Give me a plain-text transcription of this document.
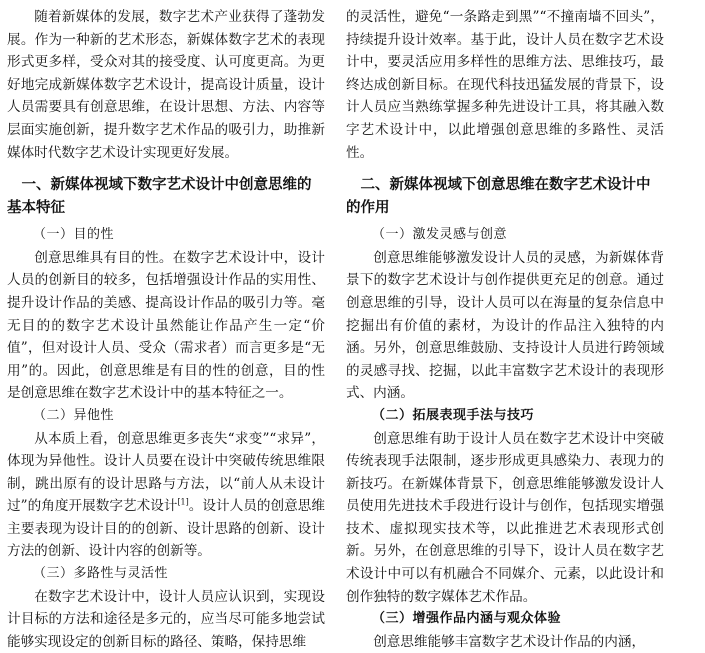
随着新媒体的发展，数字艺术产业获得了蓬勃发展。作为一种新的艺术形态，新媒体数字艺术的表现形式更多样，受众对其的接受度、认可度更高。为更好地完成新媒体数字艺术设计，提高设计质量，设计人员需要具有创意思维，在设计思想、方法、内容等层面实施创新，提升数字艺术作品的吸引力，助推新媒体时代数字艺术设计实现更好发展。

一、新媒体视域下数字艺术设计中创意思维的基本特征
（一）目的性

创意思维具有目的性。在数字艺术设计中，设计人员的创新目的较多，包括增强设计作品的实用性、提升设计作品的美感、提高设计作品的吸引力等。毫无目的的数字艺术设计虽然能让作品产生一定“价值”，但对设计人员、受众（需求者）而言更多是“无用”的。因此，创意思维是有目的性的创意，目的性是创意思维在数字艺术设计中的基本特征之一。

（二）异他性

从本质上看，创意思维更多丧失“求变”“求异”，体现为异他性。设计人员要在设计中突破传统思维限制，跳出原有的设计思路与方法，以“前人从未设计过”的角度开展数字艺术设计[1]。设计人员的创意思维主要表现为设计目的的创新、设计思路的创新、设计方法的创新、设计内容的创新等。

（三）多路性与灵活性

在数字艺术设计中，设计人员应认识到，实现设计目标的方法和途径是多元的，应当尽可能多地尝试能够实现设定的创新目标的路径、策略，保持思维

的灵活性，避免“一条路走到黑”“不撞南墙不回头”，持续提升设计效率。基于此，设计人员在数字艺术设计中，要灵活应用多样性的思维方法、思维技巧，最终达成创新目标。在现代科技迅猛发展的背景下，设计人员应当熟练掌握多种先进设计工具，将其融入数字艺术设计中，以此增强创意思维的多路性、灵活性。

二、新媒体视域下创意思维在数字艺术设计中的作用
（一）激发灵感与创意

创意思维能够激发设计人员的灵感，为新媒体背景下的数字艺术设计与创作提供更充足的创意。通过创意思维的引导，设计人员可以在海量的复杂信息中挖掘出有价值的素材，为设计的作品注入独特的内涵。另外，创意思维鼓励、支持设计人员进行跨领域的灵感寻找、挖掘，以此丰富数字艺术设计的表现形式、内涵。

（二）拓展表现手法与技巧

创意思维有助于设计人员在数字艺术设计中突破传统表现手法限制，逐步形成更具感染力、表现力的新技巧。在新媒体背景下，创意思维能够激发设计人员使用先进技术手段进行设计与创作，包括现实增强技术、虚拟现实技术等，以此推进艺术表现形式创新。另外，在创意思维的引导下，设计人员在数字艺术设计中可以有机融合不同媒介、元素，以此设计和创作独特的数字媒体艺术作品。

（三）增强作品内涵与观众体验

创意思维能够丰富数字艺术设计作品的内涵，
